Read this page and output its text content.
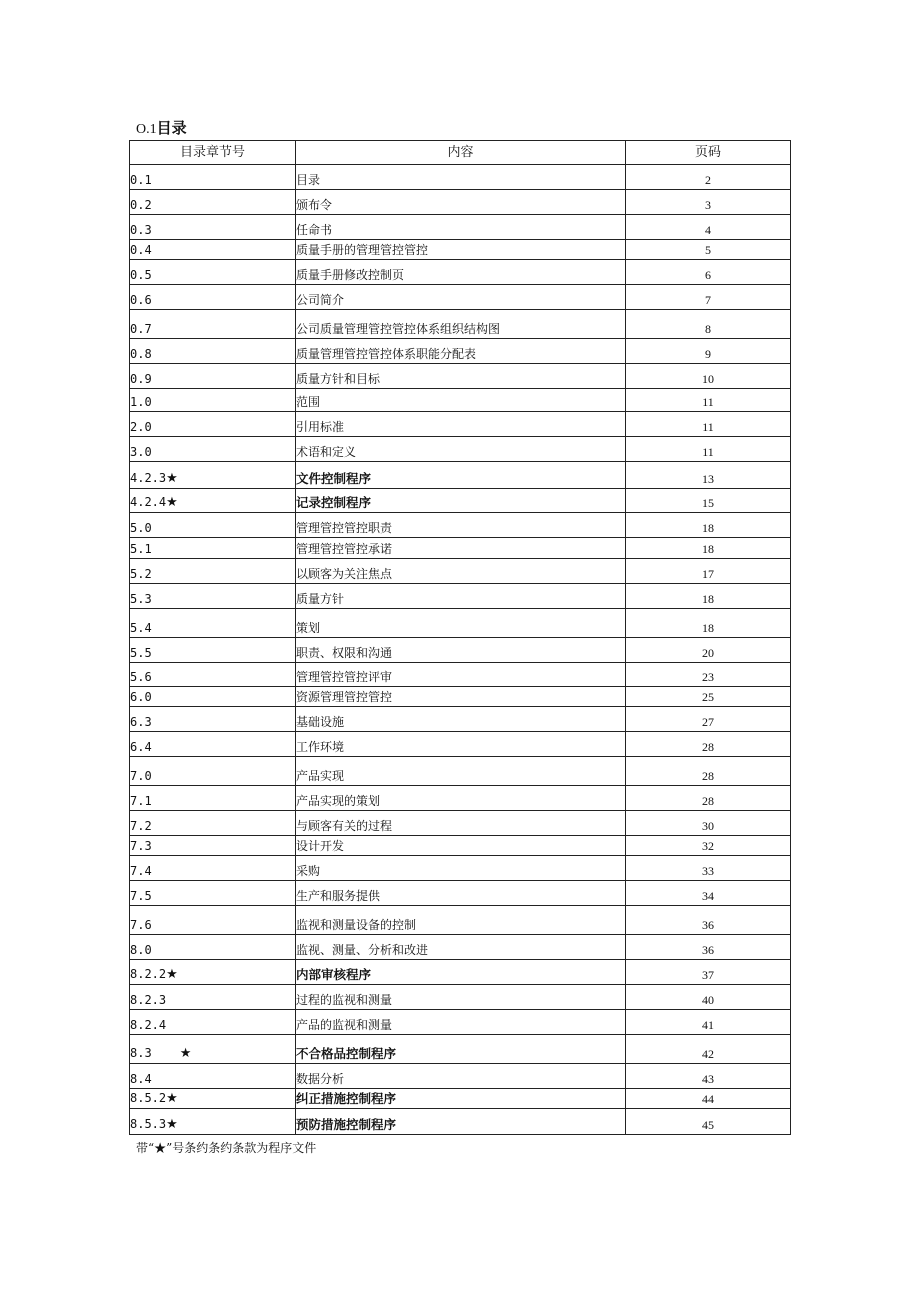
O.1目录
目录章节号	内容	页码
0.1	目录	2
0.2	颁布令	3
0.3	任命书	4
0.4	质量手册的管理管控管控	5
0.5	质量手册修改控制页	6
0.6	公司简介	7
0.7	公司质量管理管控管控体系组织结构图	8
0.8	质量管理管控管控体系职能分配表	9
0.9	质量方针和目标	10
1.0	范围	11
2.0	引用标准	11
3.0	术语和定义	11
4.2.3★	文件控制程序	13
4.2.4★	记录控制程序	15
5.0	管理管控管控职责	18
5.1	管理管控管控承诺	18
5.2	以顾客为关注焦点	17
5.3	质量方针	18
5.4	策划	18
5.5	职责、权限和沟通	20
5.6	管理管控管控评审	23
6.0	资源管理管控管控	25
6.3	基础设施	27
6.4	工作环境	28
7.0	产品实现	28
7.1	产品实现的策划	28
7.2	与顾客有关的过程	30
7.3	设计开发	32
7.4	采购	33
7.5	生产和服务提供	34
7.6	监视和测量设备的控制	36
8.0	监视、测量、分析和改进	36
8.2.2★	内部审核程序	37
8.2.3	过程的监视和测量	40
8.2.4	产品的监视和测量	41
8.3 ★	不合格品控制程序	42
8.4	数据分析	43
8.5.2★	纠正措施控制程序	44
8.5.3★	预防措施控制程序	45
带“★”号条约条约条款为程序文件
